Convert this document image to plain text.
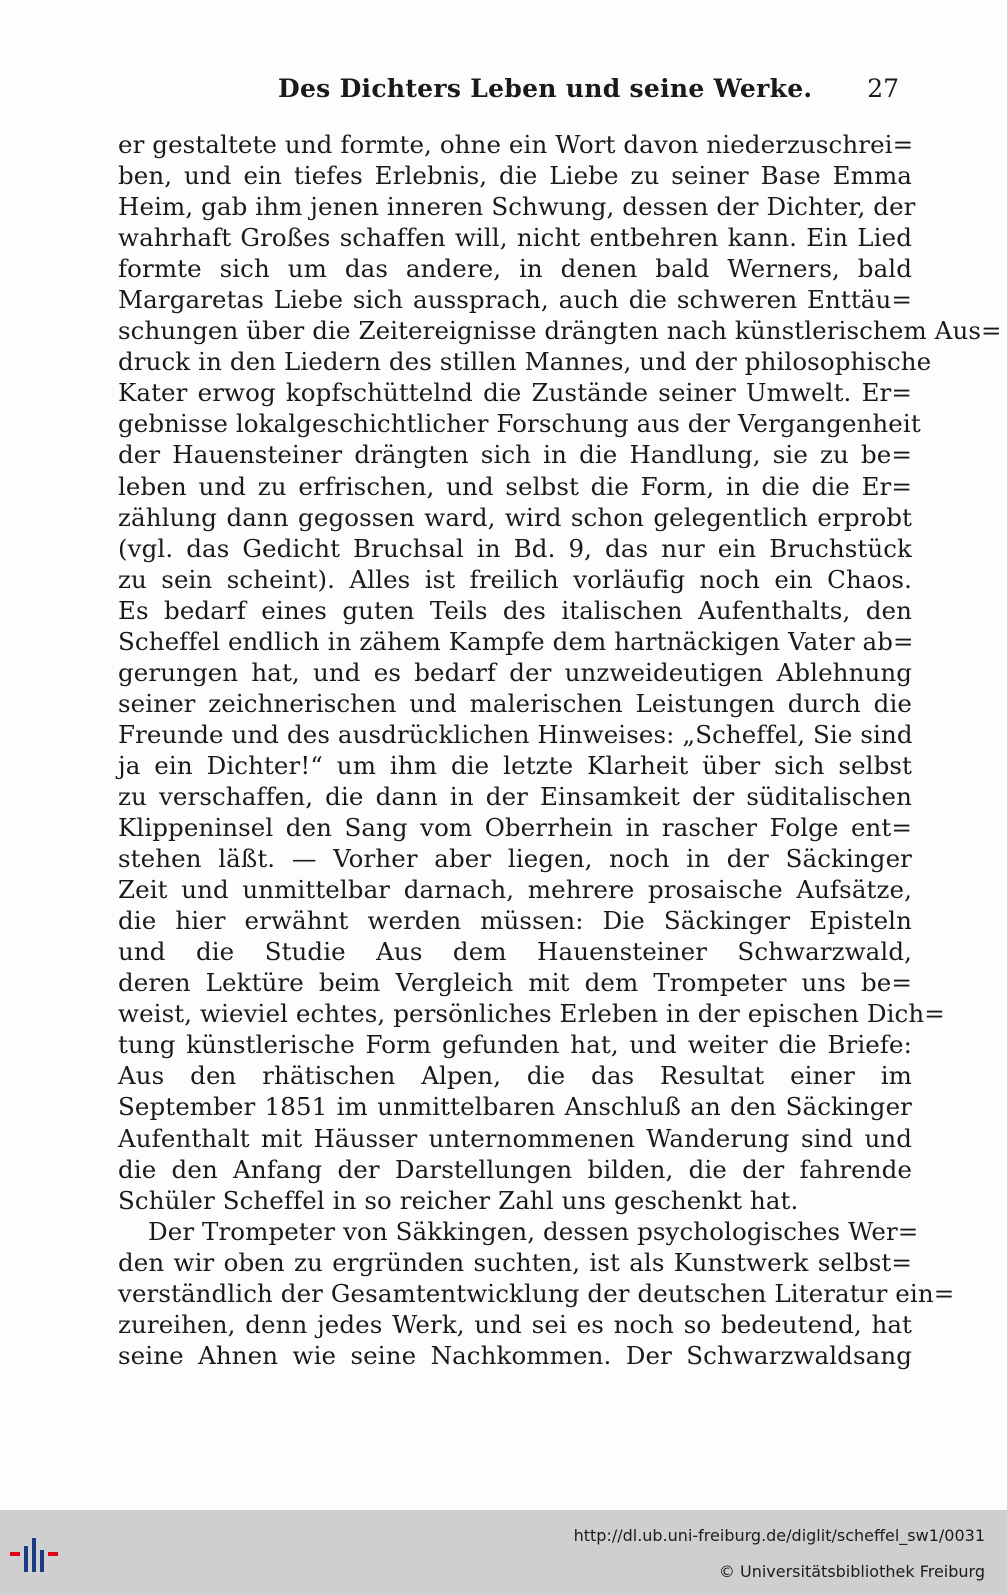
Des Dichters Leben und seine Werke. 27
er gestaltete und formte, ohne ein Wort davon niederzuschrei=
ben, und ein tiefes Erlebnis, die Liebe zu seiner Base Emma
Heim, gab ihm jenen inneren Schwung, dessen der Dichter, der
wahrhaft Großes schaffen will, nicht entbehren kann. Ein Lied
formte sich um das andere, in denen bald Werners, bald
Margaretas Liebe sich aussprach, auch die schweren Enttäu=
schungen über die Zeitereignisse drängten nach künstlerischem Aus=
druck in den Liedern des stillen Mannes, und der philosophische
Kater erwog kopfschüttelnd die Zustände seiner Umwelt. Er=
gebnisse lokalgeschichtlicher Forschung aus der Vergangenheit
der Hauensteiner drängten sich in die Handlung, sie zu be=
leben und zu erfrischen, und selbst die Form, in die die Er=
zählung dann gegossen ward, wird schon gelegentlich erprobt
(vgl. das Gedicht Bruchsal in Bd. 9, das nur ein Bruchstück
zu sein scheint). Alles ist freilich vorläufig noch ein Chaos.
Es bedarf eines guten Teils des italischen Aufenthalts, den
Scheffel endlich in zähem Kampfe dem hartnäckigen Vater ab=
gerungen hat, und es bedarf der unzweideutigen Ablehnung
seiner zeichnerischen und malerischen Leistungen durch die
Freunde und des ausdrücklichen Hinweises: „Scheffel, Sie sind
ja ein Dichter!“ um ihm die letzte Klarheit über sich selbst
zu verschaffen, die dann in der Einsamkeit der süditalischen
Klippeninsel den Sang vom Oberrhein in rascher Folge ent=
stehen läßt. — Vorher aber liegen, noch in der Säckinger
Zeit und unmittelbar darnach, mehrere prosaische Aufsätze,
die hier erwähnt werden müssen: Die Säckinger Episteln
und die Studie Aus dem Hauensteiner Schwarzwald,
deren Lektüre beim Vergleich mit dem Trompeter uns be=
weist, wieviel echtes, persönliches Erleben in der epischen Dich=
tung künstlerische Form gefunden hat, und weiter die Briefe:
Aus den rhätischen Alpen, die das Resultat einer im
September 1851 im unmittelbaren Anschluß an den Säckinger
Aufenthalt mit Häusser unternommenen Wanderung sind und
die den Anfang der Darstellungen bilden, die der fahrende
Schüler Scheffel in so reicher Zahl uns geschenkt hat.
Der Trompeter von Säkkingen, dessen psychologisches Wer=
den wir oben zu ergründen suchten, ist als Kunstwerk selbst=
verständlich der Gesamtentwicklung der deutschen Literatur ein=
zureihen, denn jedes Werk, und sei es noch so bedeutend, hat
seine Ahnen wie seine Nachkommen. Der Schwarzwaldsang
http://dl.ub.uni-freiburg.de/diglit/scheffel_sw1/0031
© Universitätsbibliothek Freiburg
